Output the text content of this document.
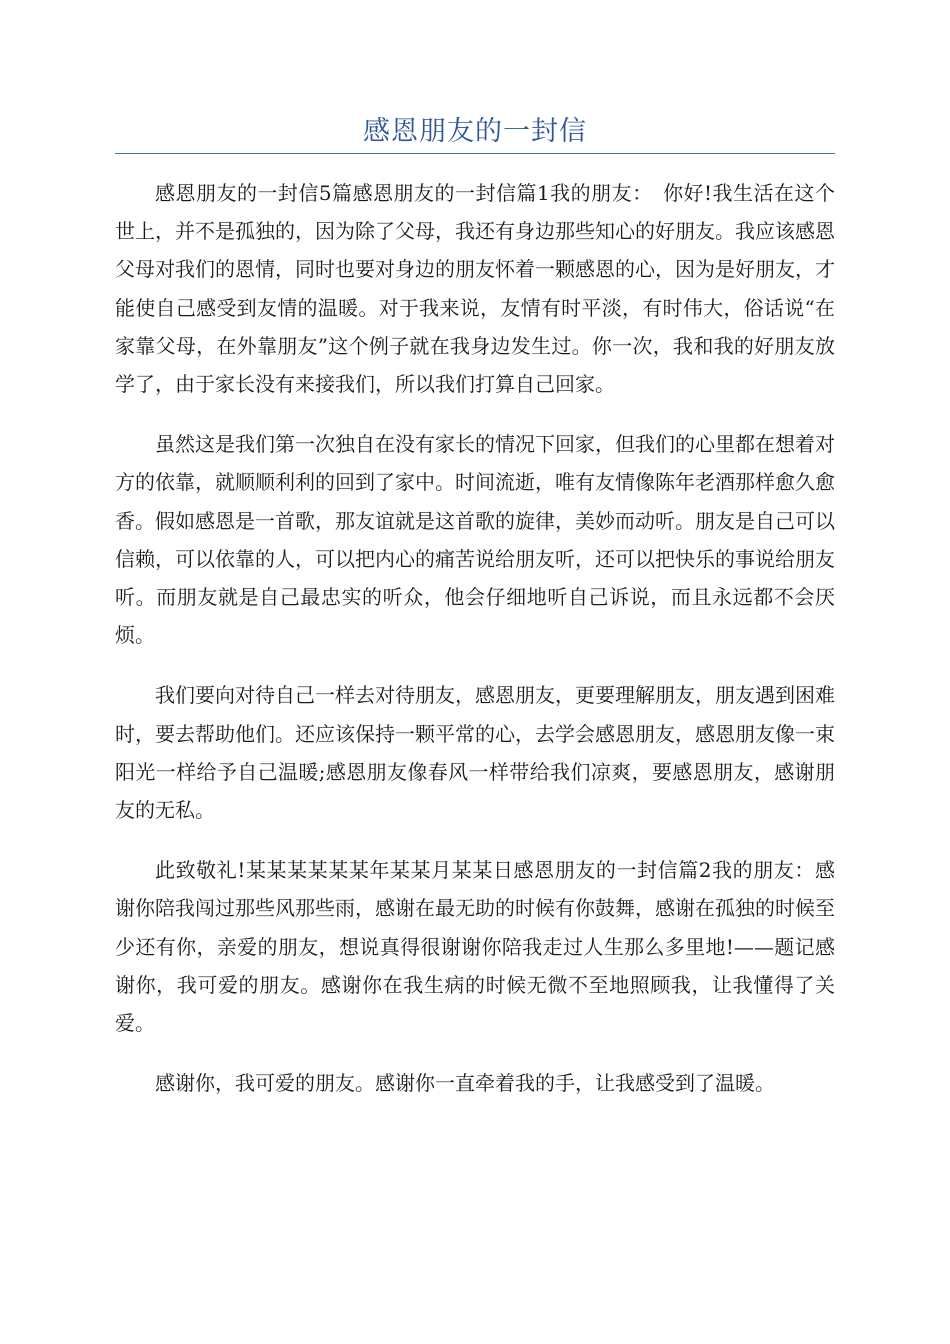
感恩朋友的一封信

感恩朋友的一封信5篇感恩朋友的一封信篇1我的朋友：　你好!我生活在这个世上，并不是孤独的，因为除了父母，我还有身边那些知心的好朋友。我应该感恩父母对我们的恩情，同时也要对身边的朋友怀着一颗感恩的心，因为是好朋友，才能使自己感受到友情的温暖。对于我来说，友情有时平淡，有时伟大，俗话说“在家靠父母，在外靠朋友”这个例子就在我身边发生过。你一次，我和我的好朋友放学了，由于家长没有来接我们，所以我们打算自己回家。

虽然这是我们第一次独自在没有家长的情况下回家，但我们的心里都在想着对方的依靠，就顺顺利利的回到了家中。时间流逝，唯有友情像陈年老酒那样愈久愈香。假如感恩是一首歌，那友谊就是这首歌的旋律，美妙而动听。朋友是自己可以信赖，可以依靠的人，可以把内心的痛苦说给朋友听，还可以把快乐的事说给朋友听。而朋友就是自己最忠实的听众，他会仔细地听自己诉说，而且永远都不会厌烦。

我们要向对待自己一样去对待朋友，感恩朋友，更要理解朋友，朋友遇到困难时，要去帮助他们。还应该保持一颗平常的心，去学会感恩朋友，感恩朋友像一束阳光一样给予自己温暖;感恩朋友像春风一样带给我们凉爽，要感恩朋友，感谢朋友的无私。

此致敬礼!某某某某某某年某某月某某日感恩朋友的一封信篇2我的朋友：感谢你陪我闯过那些风那些雨，感谢在最无助的时候有你鼓舞，感谢在孤独的时候至少还有你，亲爱的朋友，想说真得很谢谢你陪我走过人生那么多里地!——题记感谢你，我可爱的朋友。感谢你在我生病的时候无微不至地照顾我，让我懂得了关爱。

感谢你，我可爱的朋友。感谢你一直牵着我的手，让我感受到了温暖。
